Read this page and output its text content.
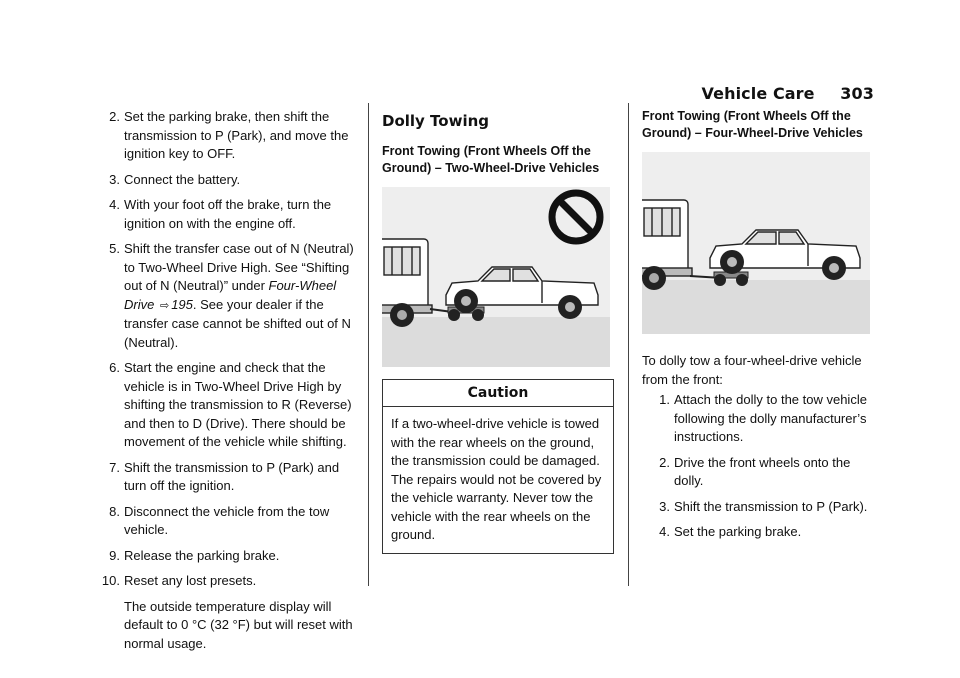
Vehicle Care 303
2. Set the parking brake, then shift the transmission to P (Park), and move the ignition key to OFF.
3. Connect the battery.
4. With your foot off the brake, turn the ignition on with the engine off.
5. Shift the transfer case out of N (Neutral) to Two-Wheel Drive High. See “Shifting out of N (Neutral)” under Four-Wheel Drive ⇨ 195. See your dealer if the transfer case cannot be shifted out of N (Neutral).
6. Start the engine and check that the vehicle is in Two-Wheel Drive High by shifting the transmission to R (Reverse) and then to D (Drive). There should be movement of the vehicle while shifting.
7. Shift the transmission to P (Park) and turn off the ignition.
8. Disconnect the vehicle from the tow vehicle.
9. Release the parking brake.
10. Reset any lost presets.
The outside temperature display will default to 0 °C (32 °F) but will reset with normal usage.
Dolly Towing
Front Towing (Front Wheels Off the Ground) – Two-Wheel-Drive Vehicles
Caution
If a two-wheel-drive vehicle is towed with the rear wheels on the ground, the transmission could be damaged. The repairs would not be covered by the vehicle warranty. Never tow the vehicle with the rear wheels on the ground.
Front Towing (Front Wheels Off the Ground) – Four-Wheel-Drive Vehicles
To dolly tow a four-wheel-drive vehicle from the front:
1. Attach the dolly to the tow vehicle following the dolly manufacturer’s instructions.
2. Drive the front wheels onto the dolly.
3. Shift the transmission to P (Park).
4. Set the parking brake.
